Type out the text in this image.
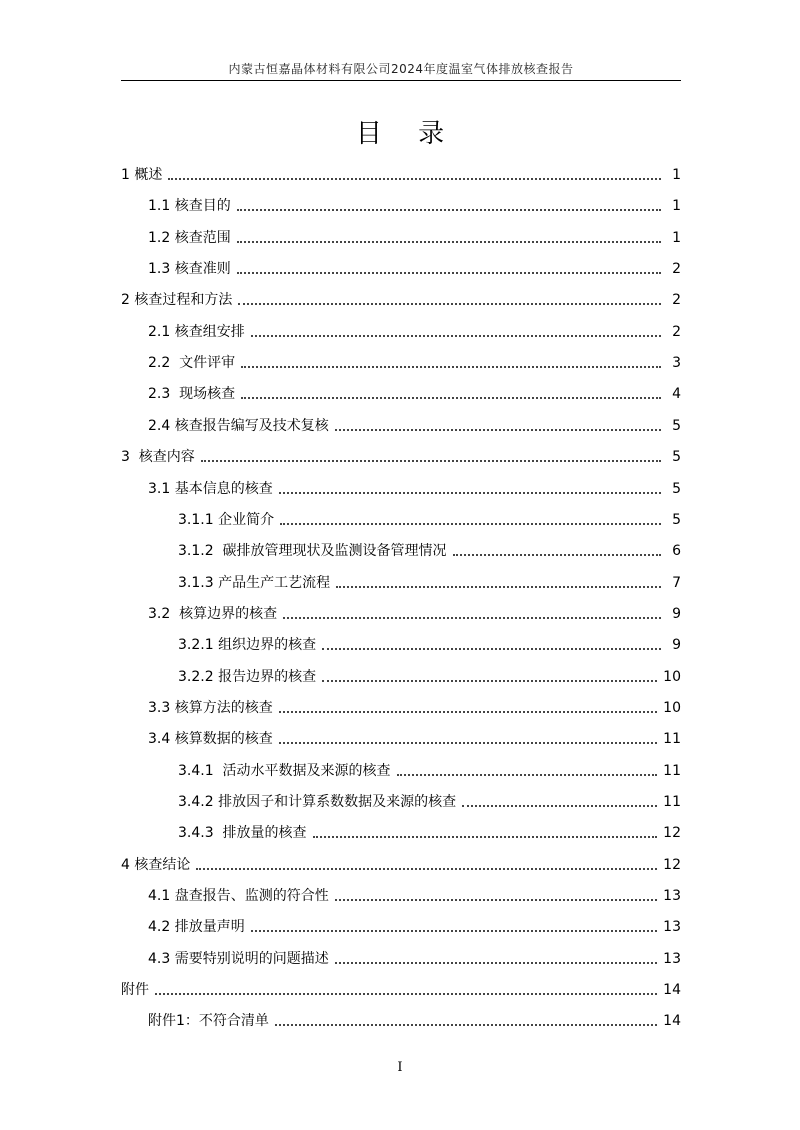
内蒙古恒嘉晶体材料有限公司2024年度温室气体排放核查报告
目 录
1 概述	1
1.1 核查目的	1
1.2 核查范围	1
1.3 核查准则	2
2 核查过程和方法	2
2.1 核查组安排	2
2.2  文件评审	3
2.3  现场核查	4
2.4 核查报告编写及技术复核	5
3  核查内容	5
3.1 基本信息的核查	5
3.1.1 企业简介	5
3.1.2  碳排放管理现状及监测设备管理情况	6
3.1.3 产品生产工艺流程	7
3.2  核算边界的核查	9
3.2.1 组织边界的核查	9
3.2.2 报告边界的核查	10
3.3 核算方法的核查	10
3.4 核算数据的核查	11
3.4.1  活动水平数据及来源的核查	11
3.4.2 排放因子和计算系数数据及来源的核查	11
3.4.3  排放量的核查	12
4 核查结论	12
4.1 盘查报告、监测的符合性	13
4.2 排放量声明	13
4.3 需要特别说明的问题描述	13
附件	14
附件1：不符合清单	14
I
